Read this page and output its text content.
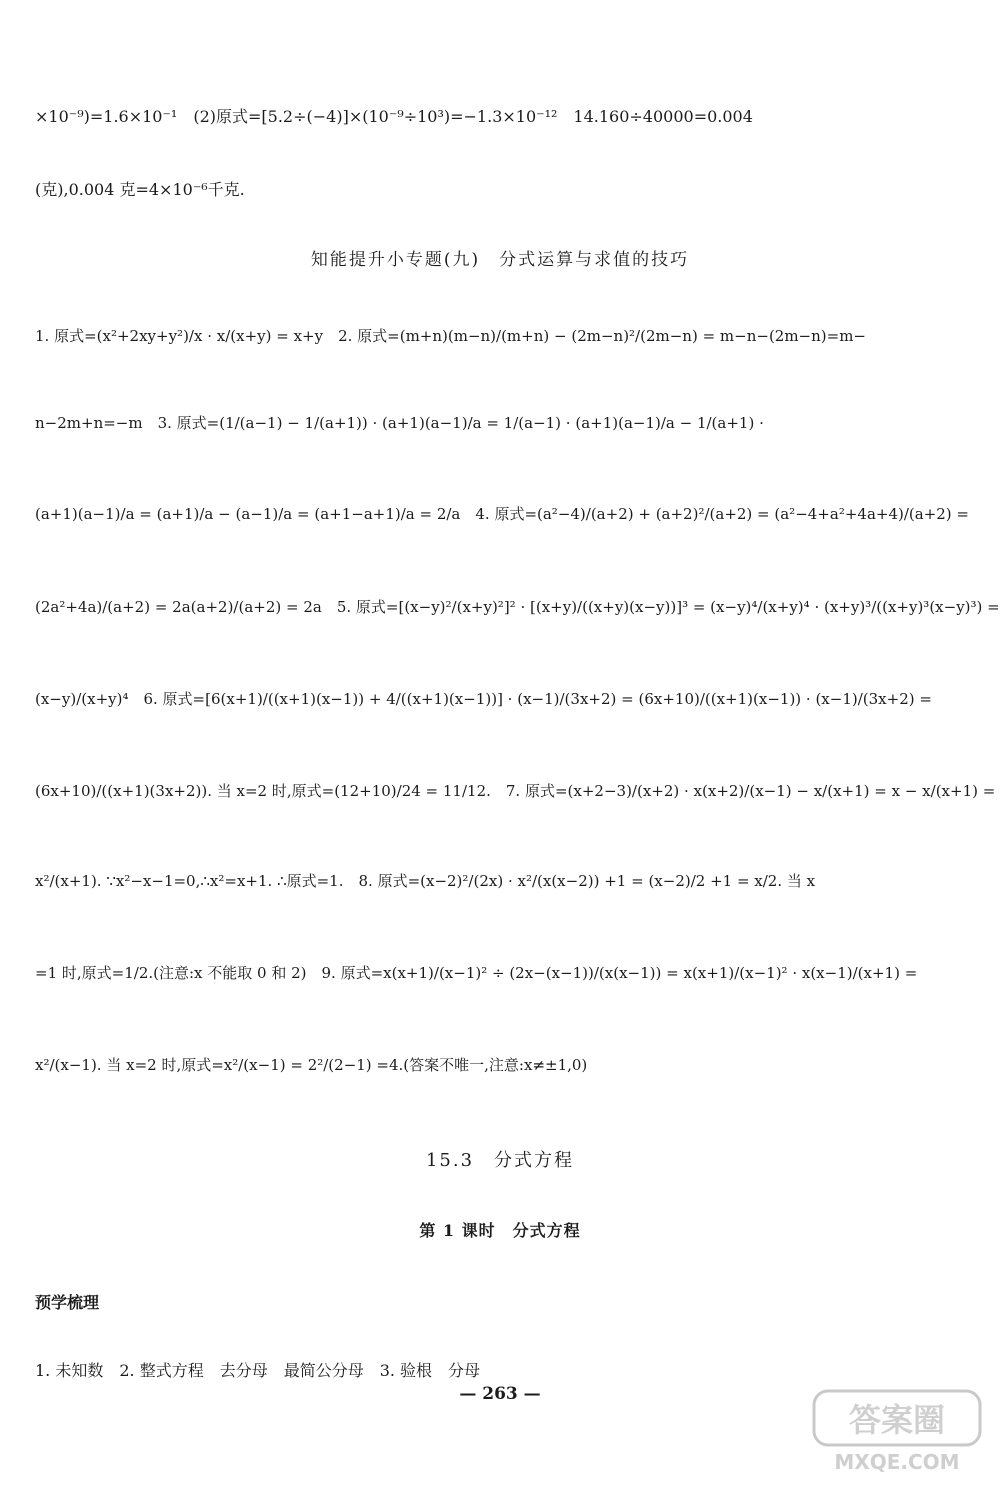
×10⁻⁹)=1.6×10⁻¹　(2)原式=[5.2÷(−4)]×(10⁻⁹÷10³)=−1.3×10⁻¹²　14.160÷40000=0.004
(克),0.004 克=4×10⁻⁶千克.
知能提升小专题(九)　分式运算与求值的技巧
1. 原式=(x²+2xy+y²)/x · x/(x+y) = x+y　2. 原式=(m+n)(m−n)/(m+n) − (2m−n)²/(2m−n) = m−n−(2m−n)=m−
n−2m+n=−m　3. 原式=(1/(a−1) − 1/(a+1)) · (a+1)(a−1)/a = 1/(a−1) · (a+1)(a−1)/a − 1/(a+1) ·
(a+1)(a−1)/a = (a+1)/a − (a−1)/a = (a+1−a+1)/a = 2/a　4. 原式=(a²−4)/(a+2) + (a+2)²/(a+2) = (a²−4+a²+4a+4)/(a+2) =
(2a²+4a)/(a+2) = 2a(a+2)/(a+2) = 2a　5. 原式=[(x−y)²/(x+y)²]² · [(x+y)/((x+y)(x−y))]³ = (x−y)⁴/(x+y)⁴ · (x+y)³/((x+y)³(x−y)³) =
(x−y)/(x+y)⁴　6. 原式=[6(x+1)/((x+1)(x−1)) + 4/((x+1)(x−1))] · (x−1)/(3x+2) = (6x+10)/((x+1)(x−1)) · (x−1)/(3x+2) =
(6x+10)/((x+1)(3x+2)). 当 x=2 时,原式=(12+10)/24 = 11/12.　7. 原式=(x+2−3)/(x+2) · x(x+2)/(x−1) − x/(x+1) = x − x/(x+1) =
x²/(x+1). ∵x²−x−1=0,∴x²=x+1. ∴原式=1.　8. 原式=(x−2)²/(2x) · x²/(x(x−2)) +1 = (x−2)/2 +1 = x/2. 当 x
=1 时,原式=1/2.(注意:x 不能取 0 和 2)　9. 原式=x(x+1)/(x−1)² ÷ (2x−(x−1))/(x(x−1)) = x(x+1)/(x−1)² · x(x−1)/(x+1) =
x²/(x−1). 当 x=2 时,原式=x²/(x−1) = 2²/(2−1) =4.(答案不唯一,注意:x≠±1,0)
15.3　分式方程
第 1 课时　分式方程
预学梳理
1. 未知数　2. 整式方程　去分母　最简公分母　3. 验根　分母
— 263 —
答案圈
MXQE.COM
